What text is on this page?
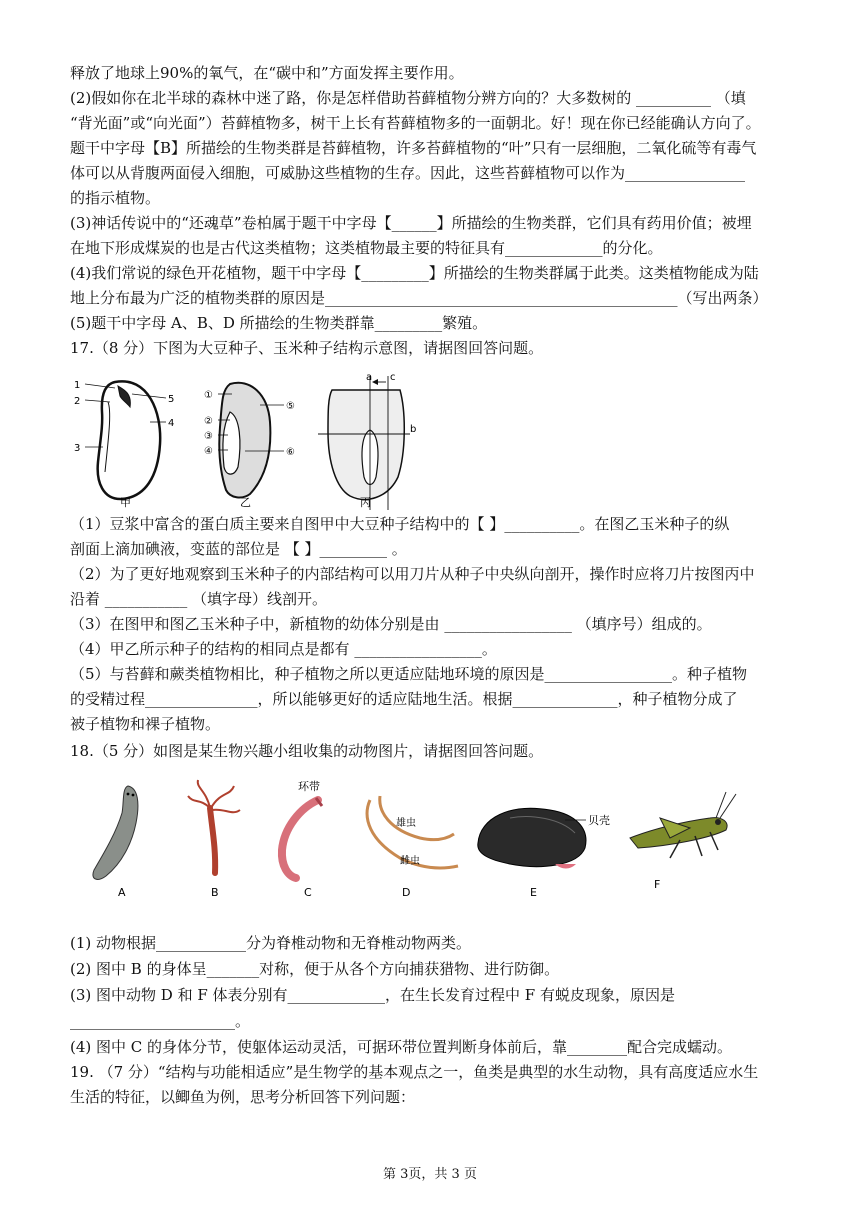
释放了地球上90%的氧气，在“碳中和”方面发挥主要作用。
(2)假如你在北半球的森林中迷了路，你是怎样借助苔藓植物分辨方向的？大多数树的 __________ （填
“背光面”或“向光面”）苔藓植物多，树干上长有苔藓植物多的一面朝北。好！现在你已经能确认方向了。
题干中字母【B】所描绘的生物类群是苔藓植物，许多苔藓植物的“叶”只有一层细胞，二氧化硫等有毒气
体可以从背腹两面侵入细胞，可威胁这些植物的生存。因此，这些苔藓植物可以作为________________
的指示植物。
(3)神话传说中的“还魂草”卷柏属于题干中字母【______】所描绘的生物类群，它们具有药用价值；被埋
在地下形成煤炭的也是古代这类植物；这类植物最主要的特征具有_____________的分化。
(4)我们常说的绿色开花植物，题干中字母【_________】所描绘的生物类群属于此类。这类植物能成为陆
地上分布最为广泛的植物类群的原因是_______________________________________________（写出两条）
(5)题干中字母 A、B、D 所描绘的生物类群靠_________繁殖。
17.（8 分）下图为大豆种子、玉米种子结构示意图，请据图回答问题。
1
2
3
4
5
甲
①
②
③
④
⑤
⑥
乙
a c
b
丙
（1）豆浆中富含的蛋白质主要来自图甲中大豆种子结构中的【 】__________。在图乙玉米种子的纵
剖面上滴加碘液，变蓝的部位是 【 】_________ 。
（2）为了更好地观察到玉米种子的内部结构可以用刀片从种子中央纵向剖开，操作时应将刀片按图丙中
沿着 ___________ （填字母）线剖开。
（3）在图甲和图乙玉米种子中，新植物的幼体分别是由 _________________ （填序号）组成的。
（4）甲乙所示种子的结构的相同点是都有 _________________。
（5）与苔藓和蕨类植物相比，种子植物之所以更适应陆地环境的原因是_________________。种子植物
的受精过程_______________，所以能够更好的适应陆地生活。根据______________，种子植物分成了
被子植物和裸子植物。
18.（5 分）如图是某生物兴趣小组收集的动物图片，请据图回答问题。
A	B
环带
C
雄虫
雌虫
D
贝壳
E
F
(1) 动物根据____________分为脊椎动物和无脊椎动物两类。
(2) 图中 B 的身体呈_______对称，便于从各个方向捕获猎物、进行防御。
(3) 图中动物 D 和 F 体表分别有_____________，在生长发育过程中 F 有蜕皮现象，原因是
______________________。
(4) 图中 C 的身体分节，使躯体运动灵活，可据环带位置判断身体前后，靠________配合完成蠕动。
19. （7 分）“结构与功能相适应”是生物学的基本观点之一，鱼类是典型的水生动物，具有高度适应水生
生活的特征，以鲫鱼为例，思考分析回答下列问题：
第 3页，共 3 页
